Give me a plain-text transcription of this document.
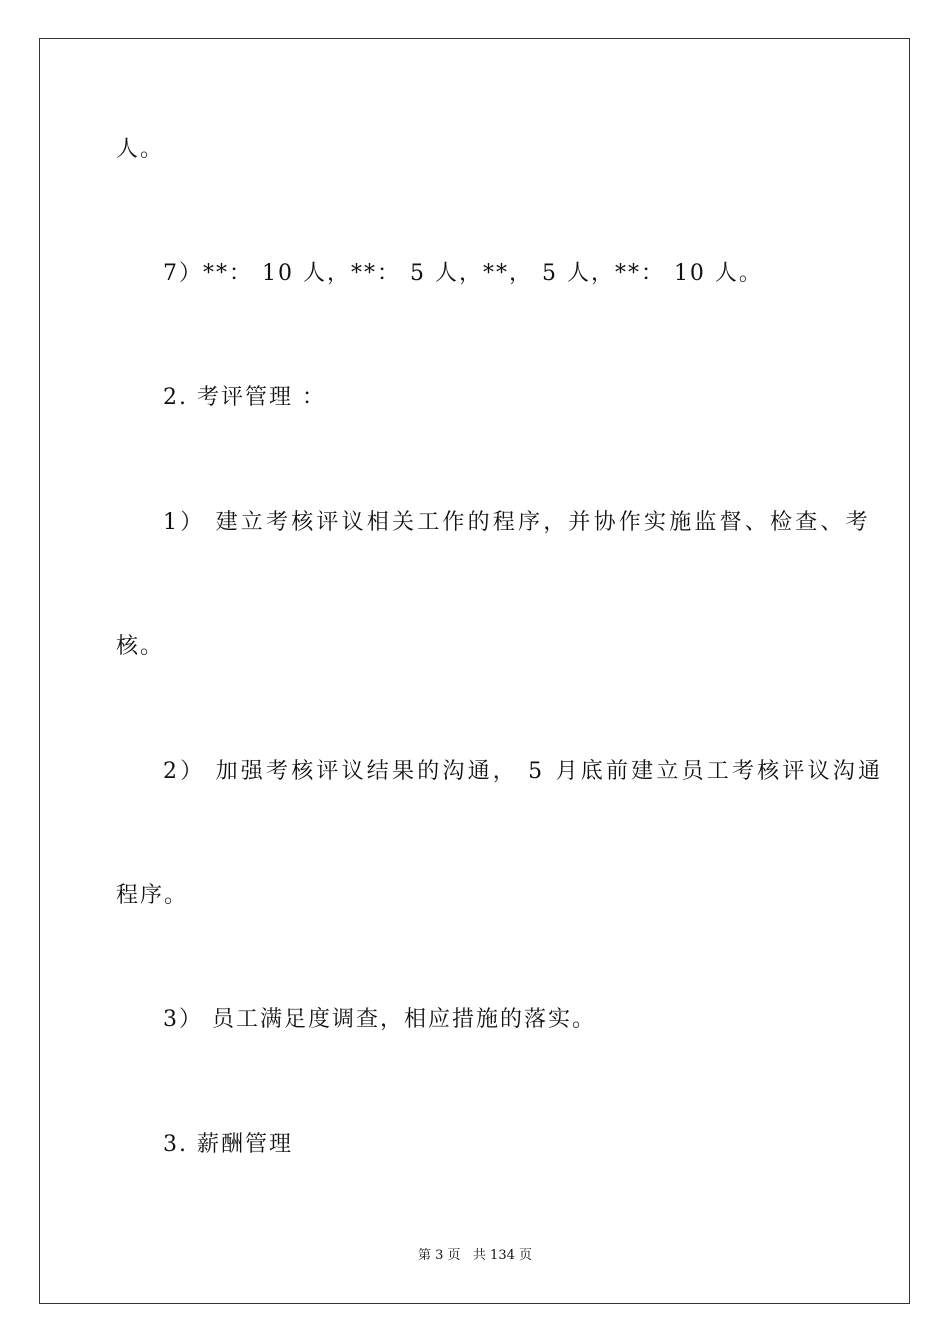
人。
7）**： 10 人，**： 5 人，**， 5 人，**： 10 人。
2. 考评管理 ：
1） 建立考核评议相关工作的程序，并协作实施监督、检查、考
核。
2） 加强考核评议结果的沟通， 5 月底前建立员工考核评议沟通
程序。
3） 员工满足度调查，相应措施的落实。
3. 薪酬管理
第 3 页   共 134 页
